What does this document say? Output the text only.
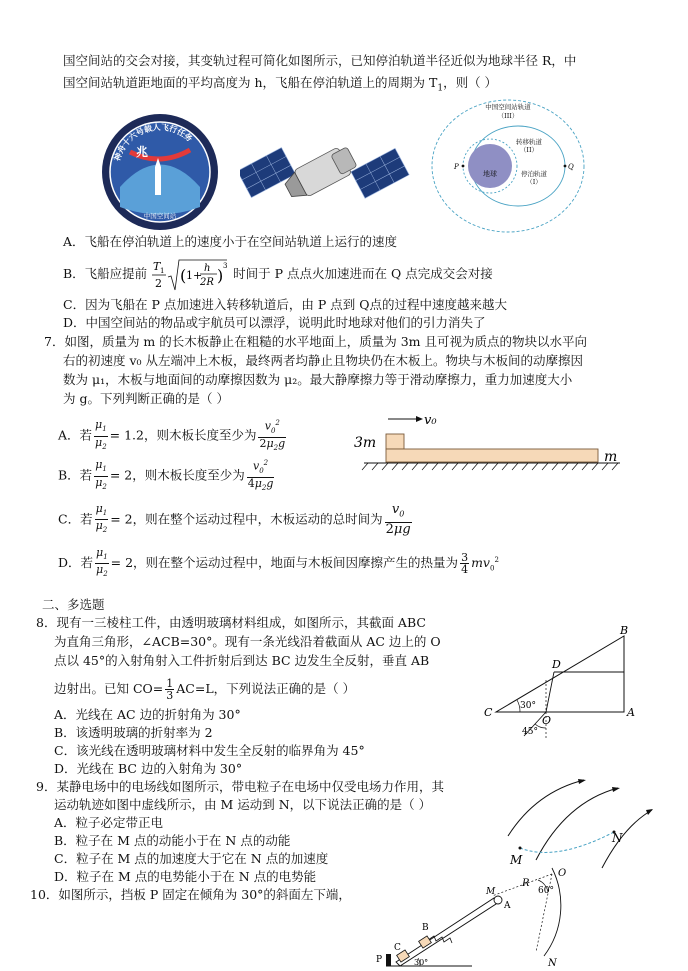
国空间站的交会对接，其变轨过程可简化如图所示，已知停泊轨道半径近似为地球半径 R，中
国空间站轨道距地面的平均高度为 h，飞船在停泊轨道上的周期为 $T_1$，则（ ）
兆
神舟十六号载人飞行任务
中国空间站
地球
中国空间站轨道
（III）
转移轨道
（II）
停泊轨道
（I）
P	Q
A．飞船在停泊轨道上的速度小于在空间站轨道上运行的速度
B．飞船应提前 T 1
2 ( 1+
h
2R ) 3
时间于 P 点点火加速进而在 Q 点完成交会对接
C．因为飞船在 P 点加速进入转移轨道后，由 P 点到 Q点的过程中速度越来越大
D．中国空间站的物品或宇航员可以漂浮，说明此时地球对他们的引力消失了
7．如图，质量为 m 的长木板静止在粗糙的水平地面上，质量为 3m 且可视为质点的物块以水平向
右的初速度 v₀ 从左端冲上木板，最终两者均静止且物块仍在木板上。物块与木板间的动摩擦因
数为 μ₁，木板与地面间的动摩擦因数为 μ₂。最大静摩擦力等于滑动摩擦力，重力加速度大小
为 g。下列判断正确的是（ ）
A．若 $\frac{\mu_1}{\mu_2} = 1.2$，则木板长度至少为 $\frac{v_0^2}{2\mu_2g}$
B．若 $\frac{\mu_1}{\mu_2} = 2$，则木板长度至少为 $\frac{v_0^2}{4\mu_2g}$
C．若 $\frac{\mu_1}{\mu_2} = 2$，则在整个运动过程中，木板运动的总时间为 $\frac{v_0}{2\mu g}$
D．若 $\frac{\mu_1}{\mu_2} = 2$，则在整个运动过程中，地面与木板间因摩擦产生的热量为 $\frac{3}{4} mv_0^2$
v₀
3m
m
二、多选题
8．现有一三棱柱工件，由透明玻璃材料组成，如图所示，其截面 ABC
为直角三角形，∠ACB=30°。现有一条光线沿着截面从 AC 边上的 O
点以 45°的入射角射入工件折射后到达 BC 边发生全反射，垂直 AB
边射出。已知 $CO= \frac{1}{3} AC=L$，下列说法正确的是（ ）
A．光线在 AC 边的折射角为 30°
B．该透明玻璃的折射率为 2
C．该光线在透明玻璃材料中发生全反射的临界角为 45°
D．光线在 BC 边的入射角为 30°
C	A
B
D
O
30°
45°
9．某静电场中的电场线如图所示，带电粒子在电场中仅受电场力作用，其
运动轨迹如图中虚线所示，由 M 运动到 N，以下说法正确的是（ ）
A．粒子必定带正电
B．粒子在 M 点的动能小于在 N 点的动能
C．粒子在 M 点的加速度大于它在 N 点的加速度
D．粒子在 M 点的电势能小于在 N 点的电势能
M
N
10．如图所示，挡板 P 固定在倾角为 30°的斜面左下端，
O
R
60°
N
P
C
B
A
M
30°
